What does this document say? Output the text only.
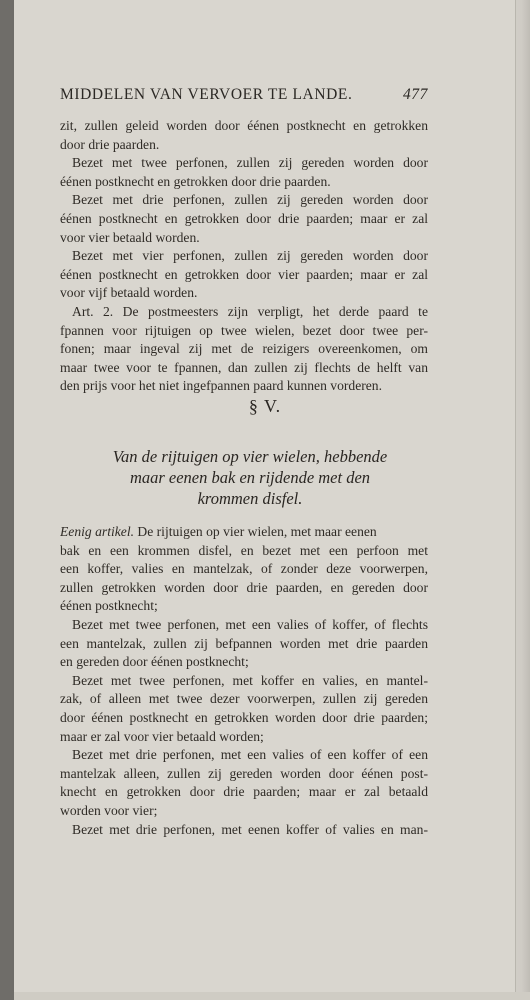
MIDDELEN VAN VERVOER TE LANDE.	477
zit, zullen geleid worden door éénen postknecht en getrokken
door drie paarden.
Bezet met twee perfonen, zullen zij gereden worden door
éénen postknecht en getrokken door drie paarden.
Bezet met drie perfonen, zullen zij gereden worden door
éénen postknecht en getrokken door drie paarden; maar er zal
voor vier betaald worden.
Bezet met vier perfonen, zullen zij gereden worden door
éénen postknecht en getrokken door vier paarden; maar er zal
voor vijf betaald worden.
Art. 2. De postmeesters zijn verpligt, het derde paard te
fpannen voor rijtuigen op twee wielen, bezet door twee per-
fonen; maar ingeval zij met de reizigers overeenkomen, om
maar twee voor te fpannen, dan zullen zij flechts de helft van
den prijs voor het niet ingefpannen paard kunnen vorderen.
§ V.
Van de rijtuigen op vier wielen, hebbende
maar eenen bak en rijdende met den
krommen disfel.
Eenig artikel. De rijtuigen op vier wielen, met maar eenen
bak en een krommen disfel, en bezet met een perfoon met
een koffer, valies en mantelzak, of zonder deze voorwerpen,
zullen getrokken worden door drie paarden, en gereden door
éénen postknecht;
Bezet met twee perfonen, met een valies of koffer, of flechts
een mantelzak, zullen zij befpannen worden met drie paarden
en gereden door éénen postknecht;
Bezet met twee perfonen, met koffer en valies, en mantel-
zak, of alleen met twee dezer voorwerpen, zullen zij gereden
door éénen postknecht en getrokken worden door drie paarden;
maar er zal voor vier betaald worden;
Bezet met drie perfonen, met een valies of een koffer of een
mantelzak alleen, zullen zij gereden worden door éénen post-
knecht en getrokken door drie paarden; maar er zal betaald
worden voor vier;
Bezet met drie perfonen, met eenen koffer of valies en man-
